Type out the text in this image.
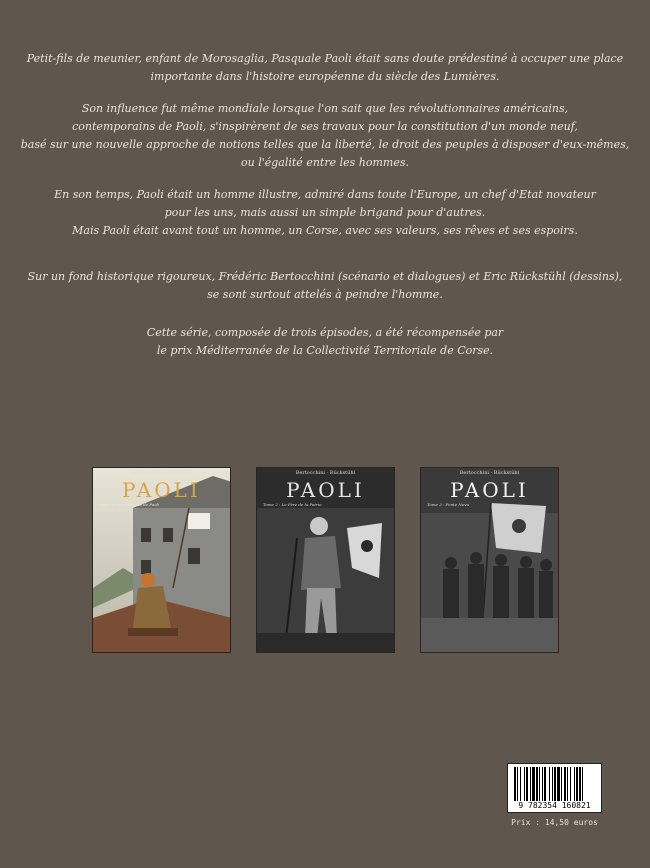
Petit-fils de meunier, enfant de Morosaglia, Pasquale Paoli était sans doute prédestiné à occuper une place
importante dans l'histoire européenne du siècle des Lumières.

Son influence fut même mondiale lorsque l'on sait que les révolutionnaires américains,
contemporains de Paoli, s'inspirèrent de ses travaux pour la constitution d'un monde neuf,
basé sur une nouvelle approche de notions telles que la liberté, le droit des peuples à disposer d'eux-mêmes,
ou l'égalité entre les hommes.

En son temps, Paoli était un homme illustre, admiré dans toute l'Europe, un chef d'Etat novateur
pour les uns, mais aussi un simple brigand pour d'autres.
Mais Paoli était avant tout un homme, un Corse, avec ses valeurs, ses rêves et ses espoirs.

Sur un fond historique rigoureux, Frédéric Bertocchini (scénario et dialogues) et Eric Rückstühl (dessins),
se sont surtout attelés à peindre l'homme.

Cette série, composée de trois épisodes, a été récompensée par
le prix Méditerranée de la Collectivité Territoriale de Corse.

Bertocchini · Rückstühl
PAOLI
Tome 1 : La Jeunesse de Paoli
Bertocchini · Rückstühl
PAOLI
Tome 2 : Le Père de la Patrie
Bertocchini · Rückstühl
PAOLI
Tome 3 : Ponte Novu
9 782354 160821
Prix : 14,50 euros
